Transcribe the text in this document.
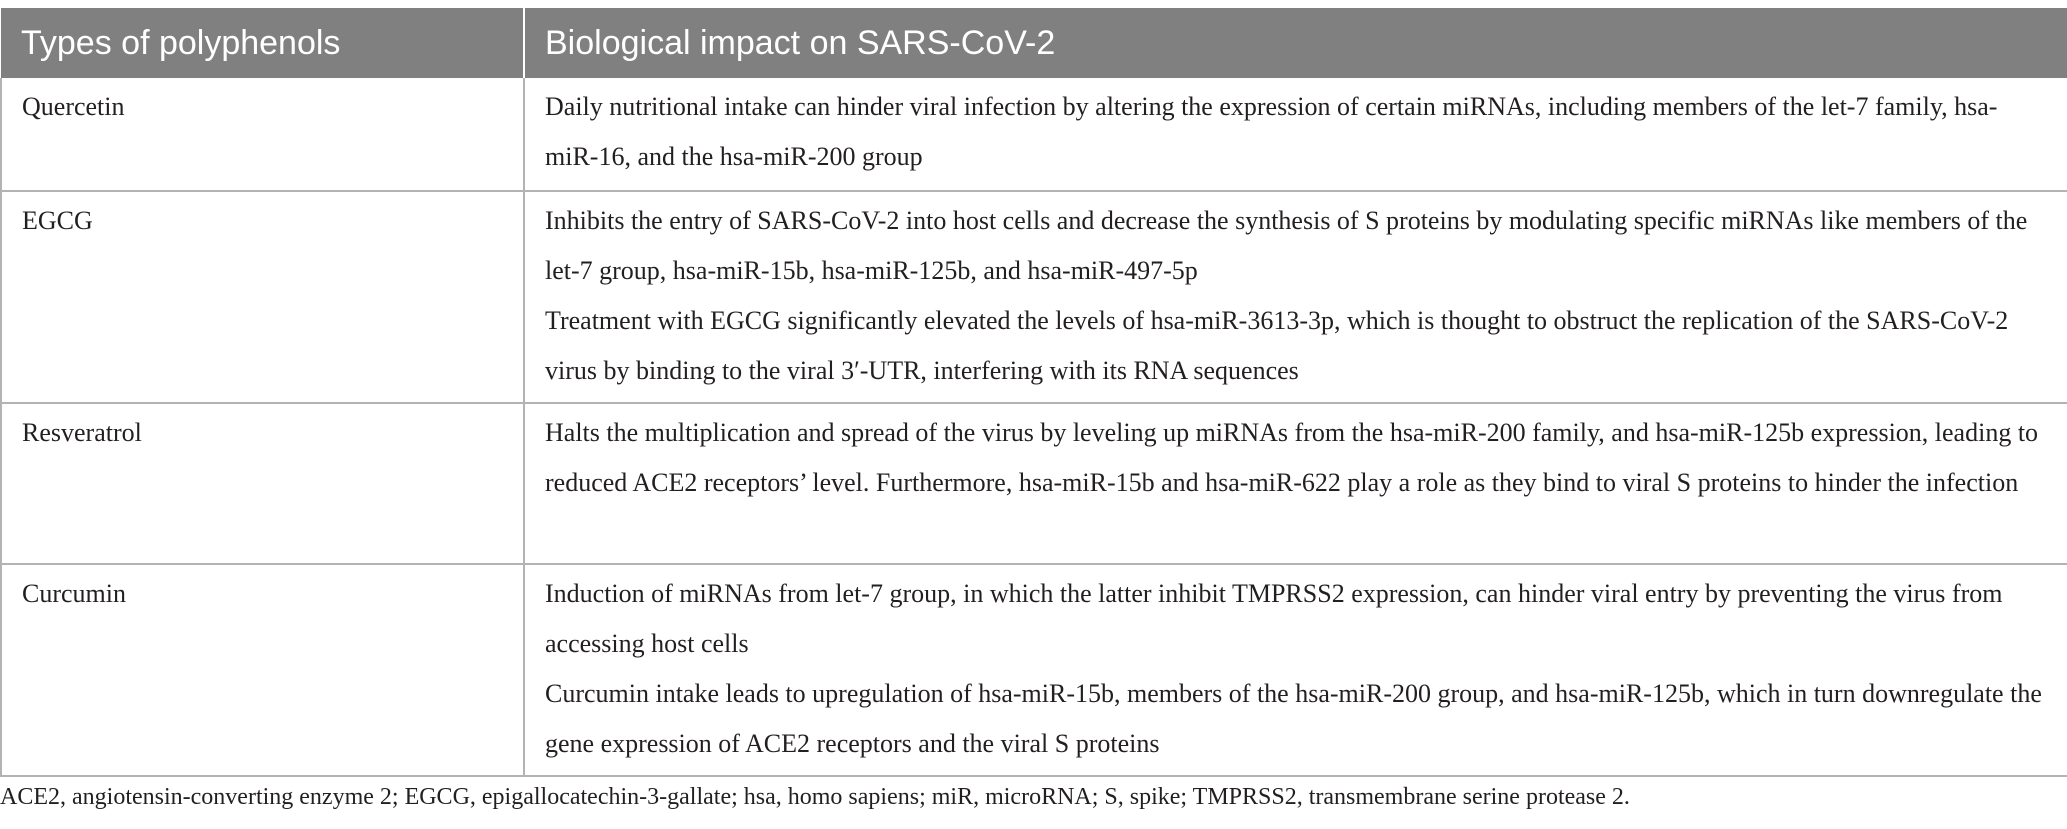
Types of polyphenols	Biological impact on SARS-CoV-2
Quercetin	Daily nutritional intake can hinder viral infection by altering the expression of certain miRNAs, including members of the let-7 family, hsa-miR-16, and the hsa-miR-200 group

EGCG	Inhibits the entry of SARS-CoV-2 into host cells and decrease the synthesis of S proteins by modulating specific miRNAs like members of the let-7 group, hsa-miR-15b, hsa-miR-125b, and hsa-miR-497-5p
Treatment with EGCG significantly elevated the levels of hsa-miR-3613-3p, which is thought to obstruct the replication of the SARS-CoV-2 virus by binding to the viral 3′-UTR, interfering with its RNA sequences

Resveratrol	Halts the multiplication and spread of the virus by leveling up miRNAs from the hsa-miR-200 family, and hsa-miR-125b expression, leading to reduced ACE2 receptors’ level. Furthermore, hsa-miR-15b and hsa-miR-622 play a role as they bind to viral S proteins to hinder the infection

Curcumin	Induction of miRNAs from let-7 group, in which the latter inhibit TMPRSS2 expression, can hinder viral entry by preventing the virus from accessing host cells
Curcumin intake leads to upregulation of hsa-miR-15b, members of the hsa-miR-200 group, and hsa-miR-125b, which in turn downregulate the gene expression of ACE2 receptors and the viral S proteins
ACE2, angiotensin-converting enzyme 2; EGCG, epigallocatechin-3-gallate; hsa, homo sapiens; miR, microRNA; S, spike; TMPRSS2, transmembrane serine protease 2.
